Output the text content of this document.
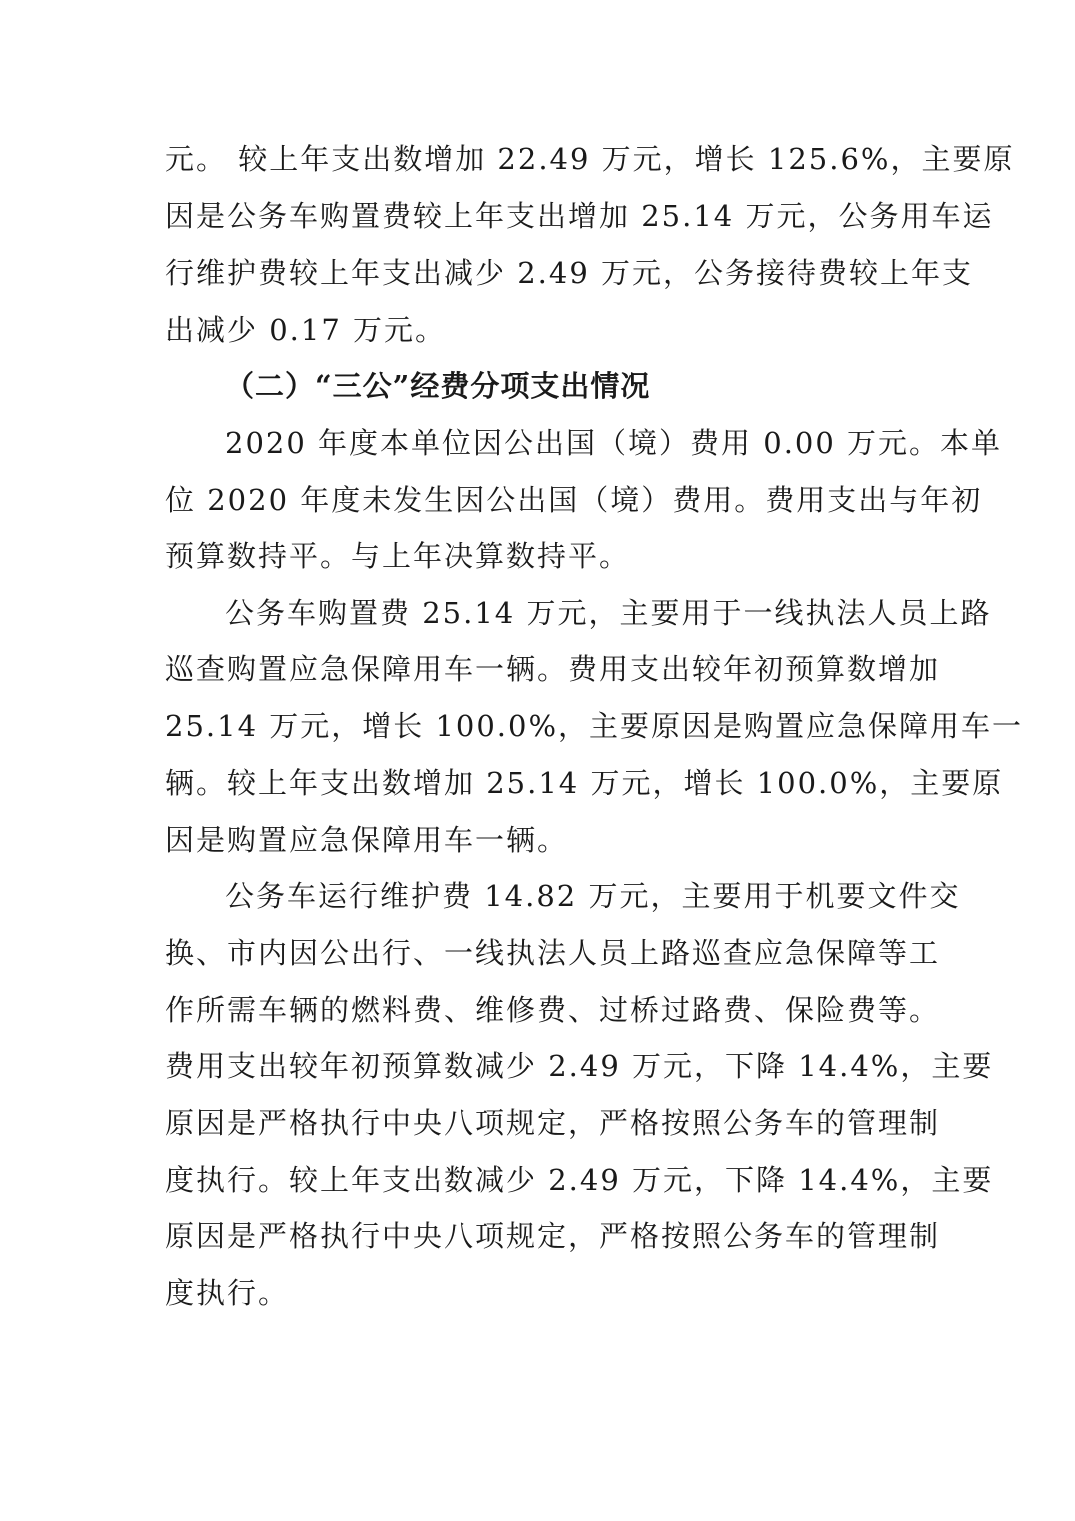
元。 较上年支出数增加 22.49 万元，增长 125.6%，主要原
因是公务车购置费较上年支出增加 25.14 万元，公务用车运
行维护费较上年支出减少 2.49 万元，公务接待费较上年支
出减少 0.17 万元。
（二）“三公”经费分项支出情况
2020 年度本单位因公出国（境）费用 0.00 万元。本单
位 2020 年度未发生因公出国（境）费用。费用支出与年初
预算数持平。与上年决算数持平。
公务车购置费 25.14 万元，主要用于一线执法人员上路
巡查购置应急保障用车一辆。费用支出较年初预算数增加
25.14 万元，增长 100.0%，主要原因是购置应急保障用车一
辆。较上年支出数增加 25.14 万元，增长 100.0%，主要原
因是购置应急保障用车一辆。
公务车运行维护费 14.82 万元，主要用于机要文件交
换、市内因公出行、一线执法人员上路巡查应急保障等工
作所需车辆的燃料费、维修费、过桥过路费、保险费等。
费用支出较年初预算数减少 2.49 万元，下降 14.4%，主要
原因是严格执行中央八项规定，严格按照公务车的管理制
度执行。较上年支出数减少 2.49 万元，下降 14.4%，主要
原因是严格执行中央八项规定，严格按照公务车的管理制
度执行。
